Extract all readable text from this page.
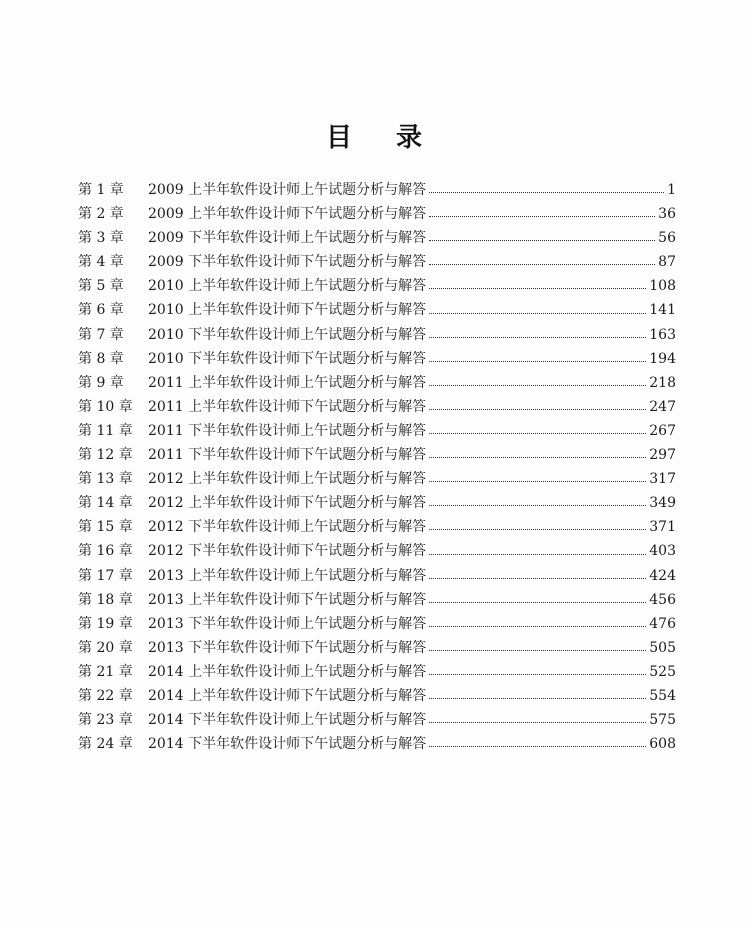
目 录
第 1 章	2009 上半年软件设计师上午试题分析与解答	1
第 2 章	2009 上半年软件设计师下午试题分析与解答	36
第 3 章	2009 下半年软件设计师上午试题分析与解答	56
第 4 章	2009 下半年软件设计师下午试题分析与解答	87
第 5 章	2010 上半年软件设计师上午试题分析与解答	108
第 6 章	2010 上半年软件设计师下午试题分析与解答	141
第 7 章	2010 下半年软件设计师上午试题分析与解答	163
第 8 章	2010 下半年软件设计师下午试题分析与解答	194
第 9 章	2011 上半年软件设计师上午试题分析与解答	218
第 10 章	2011 上半年软件设计师下午试题分析与解答	247
第 11 章	2011 下半年软件设计师上午试题分析与解答	267
第 12 章	2011 下半年软件设计师下午试题分析与解答	297
第 13 章	2012 上半年软件设计师上午试题分析与解答	317
第 14 章	2012 上半年软件设计师下午试题分析与解答	349
第 15 章	2012 下半年软件设计师上午试题分析与解答	371
第 16 章	2012 下半年软件设计师下午试题分析与解答	403
第 17 章	2013 上半年软件设计师上午试题分析与解答	424
第 18 章	2013 上半年软件设计师下午试题分析与解答	456
第 19 章	2013 下半年软件设计师上午试题分析与解答	476
第 20 章	2013 下半年软件设计师下午试题分析与解答	505
第 21 章	2014 上半年软件设计师上午试题分析与解答	525
第 22 章	2014 上半年软件设计师下午试题分析与解答	554
第 23 章	2014 下半年软件设计师上午试题分析与解答	575
第 24 章	2014 下半年软件设计师下午试题分析与解答	608
